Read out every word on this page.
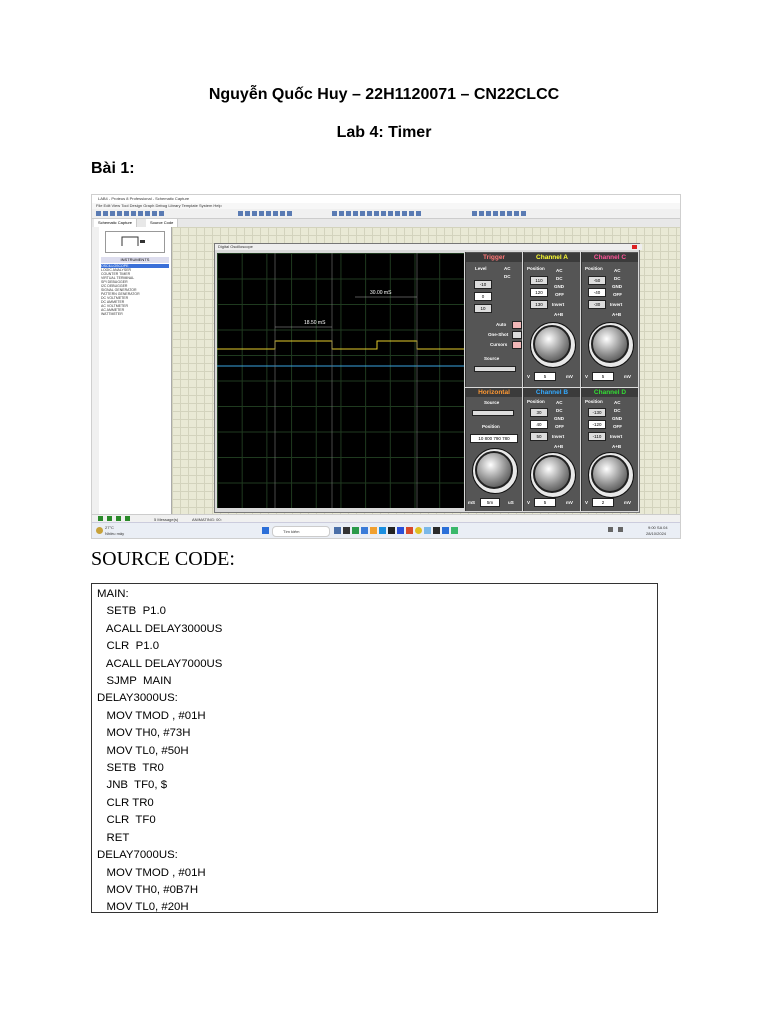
Nguyễn Quốc Huy – 22H1120071 – CN22CLCC
Lab 4: Timer
Bài 1:
LAB4 - Proteus 8 Professional - Schematic Capture
File Edit View Tool Design Graph Debug Library Template System Help
Schematic Capture	Source Code
INSTRUMENTS
OSCILLOSCOPE
LOGIC ANALYSER
COUNTER TIMER
VIRTUAL TERMINAL
SPI DEBUGGER
I2C DEBUGGER
SIGNAL GENERATOR
PATTERN GENERATOR
DC VOLTMETER
DC AMMETER
AC VOLTMETER
AC AMMETER
WATTMETER
Digital Oscilloscope
30.00 mS
18.50 mS
Trigger
Level
-10
0
10
AC
DC
Auto
One-Shot
Cursors
Source
Channel A
Position
110
120
130
AC
DC
GND
OFF
Invert
A+B
V	5	mV
Channel C
Position
-50
-40
-30
AC
DC
GND
OFF
Invert
A+B
V	5	mV
Horizontal
Source
Position
10 800 790 780
mS	5m	uS
Channel B
Position
30
40
50
AC
DC
GND
OFF
Invert
A+B
V	5	mV
Channel D
Position
-130
-120
-110
AC
DC
GND
OFF
Invert
A+B
V	2	mV
5 Message(s)	ANIMATING: 00:
27°C
Nhiều mây	Tìm kiếm
9:00 SA 04
28/10/2024
SOURCE CODE:
MAIN:
SETB  P1.0
ACALL DELAY3000US
CLR  P1.0
ACALL DELAY7000US
SJMP  MAIN
DELAY3000US:
MOV TMOD , #01H
MOV TH0, #73H
MOV TL0, #50H
SETB  TR0
JNB  TF0, $
CLR TR0
CLR  TF0
RET
DELAY7000US:
MOV TMOD , #01H
MOV TH0, #0B7H
MOV TL0, #20H
